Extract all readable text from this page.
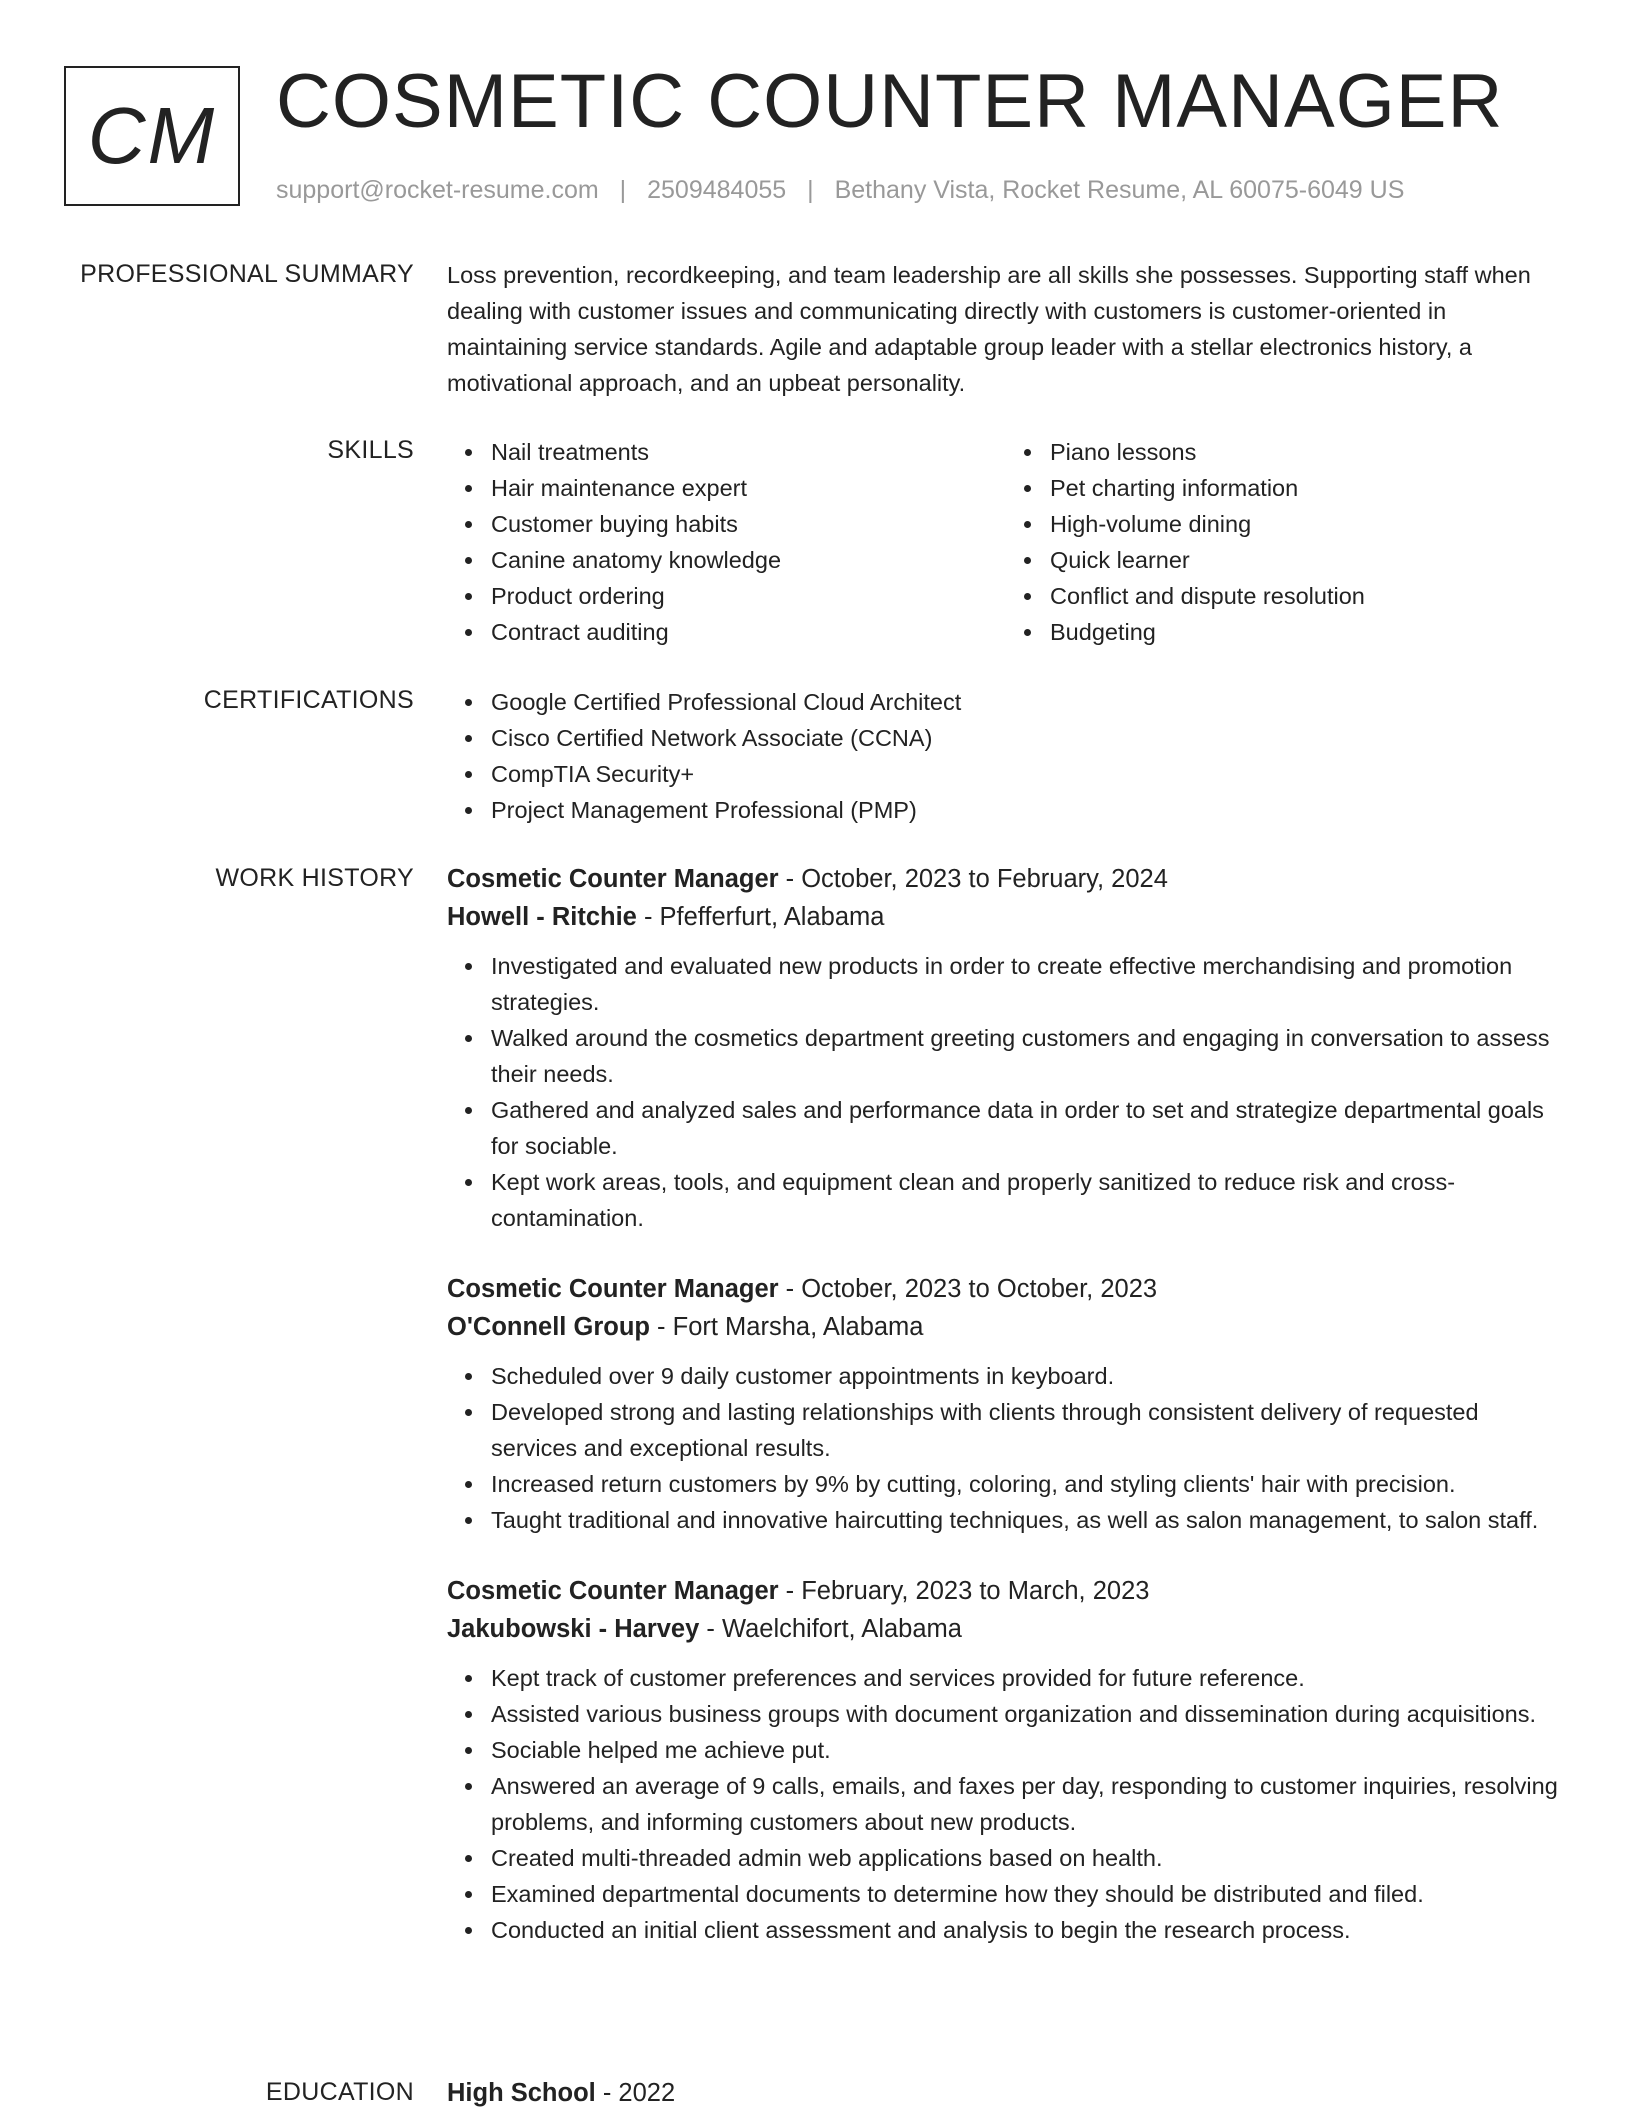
CM COSMETIC COUNTER MANAGER
support@rocket-resume.com | 2509484055 | Bethany Vista, Rocket Resume, AL 60075-6049 US
PROFESSIONAL SUMMARY Loss prevention, recordkeeping, and team leadership are all skills she possesses. Supporting staff when dealing with customer issues and communicating directly with customers is customer-oriented in maintaining service standards. Agile and adaptable group leader with a stellar electronics history, a motivational approach, and an upbeat personality.

SKILLS	Nail treatments
Hair maintenance expert
Customer buying habits
Canine anatomy knowledge
Product ordering
Contract auditing
Piano lessons
Pet charting information
High-volume dining
Quick learner
Conflict and dispute resolution
Budgeting
CERTIFICATIONS	Google Certified Professional Cloud Architect
Cisco Certified Network Associate (CCNA)
CompTIA Security+
Project Management Professional (PMP)
WORK HISTORY Cosmetic Counter Manager - October, 2023 to February, 2024
Howell - Ritchie - Pfefferfurt, Alabama
Investigated and evaluated new products in order to create effective merchandising and promotion strategies.
Walked around the cosmetics department greeting customers and engaging in conversation to assess their needs.
Gathered and analyzed sales and performance data in order to set and strategize departmental goals for sociable.
Kept work areas, tools, and equipment clean and properly sanitized to reduce risk and cross-contamination.
Cosmetic Counter Manager - October, 2023 to October, 2023
O'Connell Group - Fort Marsha, Alabama
Scheduled over 9 daily customer appointments in keyboard.
Developed strong and lasting relationships with clients through consistent delivery of requested services and exceptional results.
Increased return customers by 9% by cutting, coloring, and styling clients' hair with precision.
Taught traditional and innovative haircutting techniques, as well as salon management, to salon staff.
Cosmetic Counter Manager - February, 2023 to March, 2023
Jakubowski - Harvey - Waelchifort, Alabama
Kept track of customer preferences and services provided for future reference.
Assisted various business groups with document organization and dissemination during acquisitions.
Sociable helped me achieve put.
Answered an average of 9 calls, emails, and faxes per day, responding to customer inquiries, resolving problems, and informing customers about new products.
Created multi-threaded admin web applications based on health.
Examined departmental documents to determine how they should be distributed and filed.
Conducted an initial client assessment and analysis to begin the research process.
EDUCATION High School - 2022
